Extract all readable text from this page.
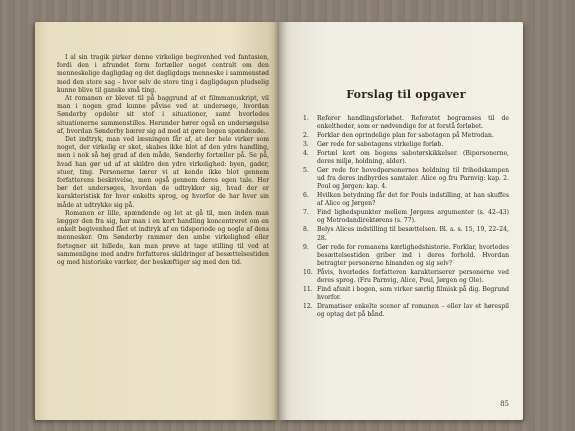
I al sin tragik pirker denne virkelige begivenhed ved fantasien, fordi den i afrundet form fortæller noget centralt om den menneskelige dagligdag og det dagligdags menneske i sammenstød med den store sag – hvor selv de store ting i dagligdagen pludselig kunne blive til ganske små ting.

At romanen er blevet til på baggrund af et filmmanuskript, vil man i nogen grad kunne påvise ved at undersøge, hvordan Sønderby opdeler sit stof i situationer, samt hvorledes situationerne sammenstilles. Herunder hører også en undersøgelse af, hvordan Sønderby bærer sig ad med at gøre bogen spændende.

Det indtryk, man ved læsningen får af, at der hele virker som noget, der virkelig er sket, skabes ikke blot af den ydre handling, men i nok så høj grad af den måde, Sønderby fortæller på. Se på, hvad han gør ud af at skildre den ydre virkelighed: byen, gader, stuer, ting. Personerne lærer vi at kende ikke blot gennem forfatterens beskrivelse, men også gennem deres egen tale. Her bør det undersøges, hvordan de udtrykker sig, hvad der er karakteristisk for hver enkelts sprog, og hvorfor de har hver sin måde at udtrykke sig på.

Romanen er lille, spændende og let at gå til, men inden man lægger den fra sig, har man i en kort handling koncentreret om en enkelt begivenhed fået et indtryk af en tidsperiode og nogle af dens mennesker. Om Sønderby rammer den ambe virkelighed eller fortegner sit billede, kan man prøve at tage stilling til ved at sammenligne med andre forfatteres skildringer af besættelsestiden og med historiske værker, der beskæftiger sig med den tid.

Forslag til opgaver
1.	Referer handlingsforløbet. Referatet begrænses til de enkeltheder, som er nødvendige for at forstå forløbet.
2.	Forklar den oprindelige plan for sabotagen på Metrodan.
3.	Gør rede for sabotagens virkelige forløb.
4.	Fortæl kort om bogens sabotørskikkelser. (Bipersonerne, deres miljø, holdning, alder).
5.	Gør rede for hovedpersonernes holdning til frihedskampen ud fra deres indbyrdes samtaler. Alice og fru Parnvig: kap. 2. Poul og Jørgen: kap. 4.
6.	Hvilken betydning får det for Pouls indstilling, at han skuffes af Alice og Jørgen?
7.	Find lighedspunkter mellem Jørgens argumenter (s. 42–43) og Metrodandirektørens (s. 77).
8.	Belys Alices indstilling til besættelsen. Bl. a. s. 15, 19, 22–24, 28.
9.	Gør rede for romanens kærlighedshistorie. Forklar, hvorledes besættelsestiden griber ind i deres forhold. Hvordan betragter personerne hinanden og sig selv?
10. Påvis, hvorledes forfatteren karakteriserer personerne ved deres sprog. (Fru Parnvig, Alice, Poul, Jørgen og Ole).
11. Find afsnit i bogen, som virker særlig filmisk på dig. Begrund hvorfor.
12. Dramatiser enkelte scener af romanen – eller lav et hørespil og optag det på bånd.
85
